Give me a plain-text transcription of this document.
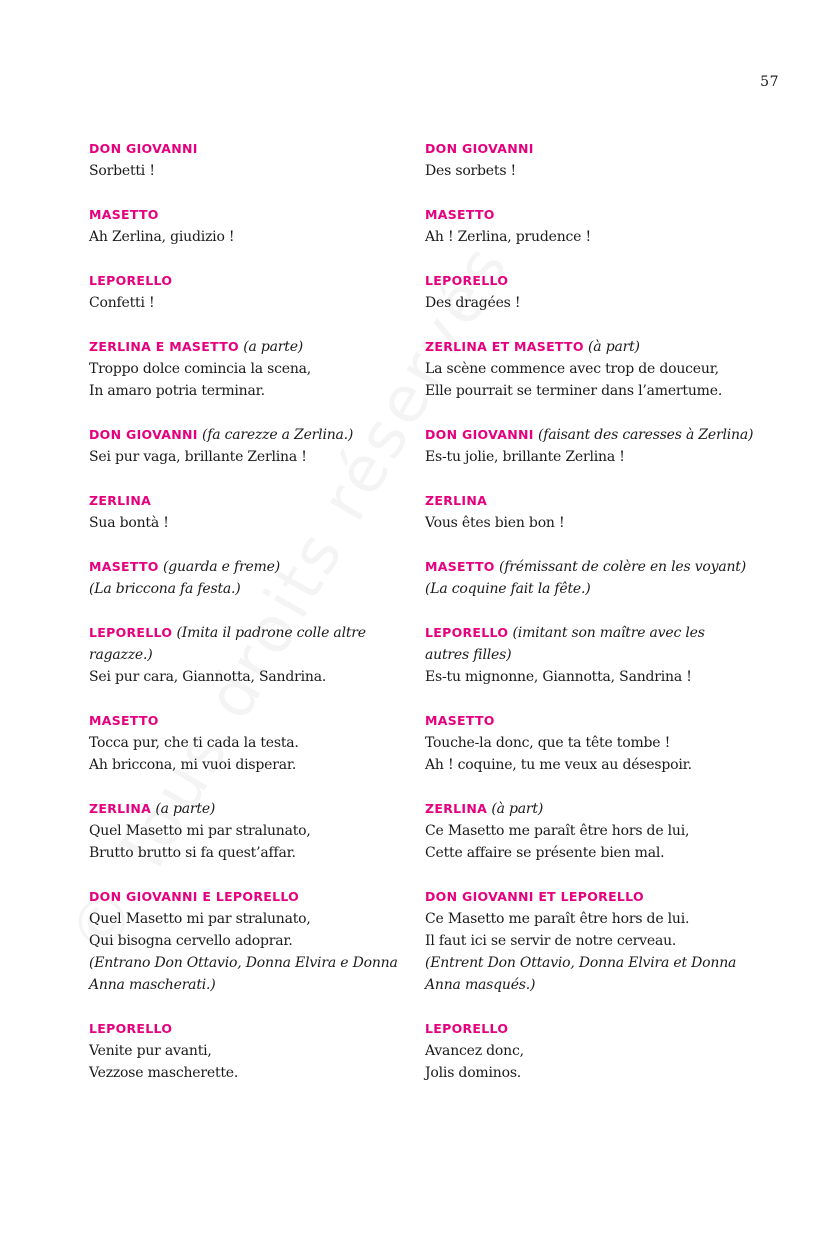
57
DON GIOVANNI
Sorbetti !
MASETTO
Ah Zerlina, giudizio !
LEPORELLO
Confetti !
ZERLINA E MASETTO (a parte)
Troppo dolce comincia la scena,
In amaro potria terminar.
DON GIOVANNI (fa carezze a Zerlina.)
Sei pur vaga, brillante Zerlina !
ZERLINA
Sua bontà !
MASETTO (guarda e freme)
(La briccona fa festa.)
LEPORELLO (Imita il padrone colle altre
ragazze.)
Sei pur cara, Giannotta, Sandrina.
MASETTO
Tocca pur, che ti cada la testa.
Ah briccona, mi vuoi disperar.
ZERLINA (a parte)
Quel Masetto mi par stralunato,
Brutto brutto si fa quest’affar.
DON GIOVANNI E LEPORELLO
Quel Masetto mi par stralunato,
Qui bisogna cervello adoprar.
(Entrano Don Ottavio, Donna Elvira e Donna
Anna mascherati.)
LEPORELLO
Venite pur avanti,
Vezzose mascherette.
DON GIOVANNI
Des sorbets !
MASETTO
Ah ! Zerlina, prudence !
LEPORELLO
Des dragées !
ZERLINA ET MASETTO (à part)
La scène commence avec trop de douceur,
Elle pourrait se terminer dans l’amertume.
DON GIOVANNI (faisant des caresses à Zerlina)
Es-tu jolie, brillante Zerlina !
ZERLINA
Vous êtes bien bon !
MASETTO (frémissant de colère en les voyant)
(La coquine fait la fête.)
LEPORELLO (imitant son maître avec les
autres filles)
Es-tu mignonne, Giannotta, Sandrina !
MASETTO
Touche-la donc, que ta tête tombe !
Ah ! coquine, tu me veux au désespoir.
ZERLINA (à part)
Ce Masetto me paraît être hors de lui,
Cette affaire se présente bien mal.
DON GIOVANNI ET LEPORELLO
Ce Masetto me paraît être hors de lui.
Il faut ici se servir de notre cerveau.
(Entrent Don Ottavio, Donna Elvira et Donna
Anna masqués.)
LEPORELLO
Avancez donc,
Jolis dominos.
